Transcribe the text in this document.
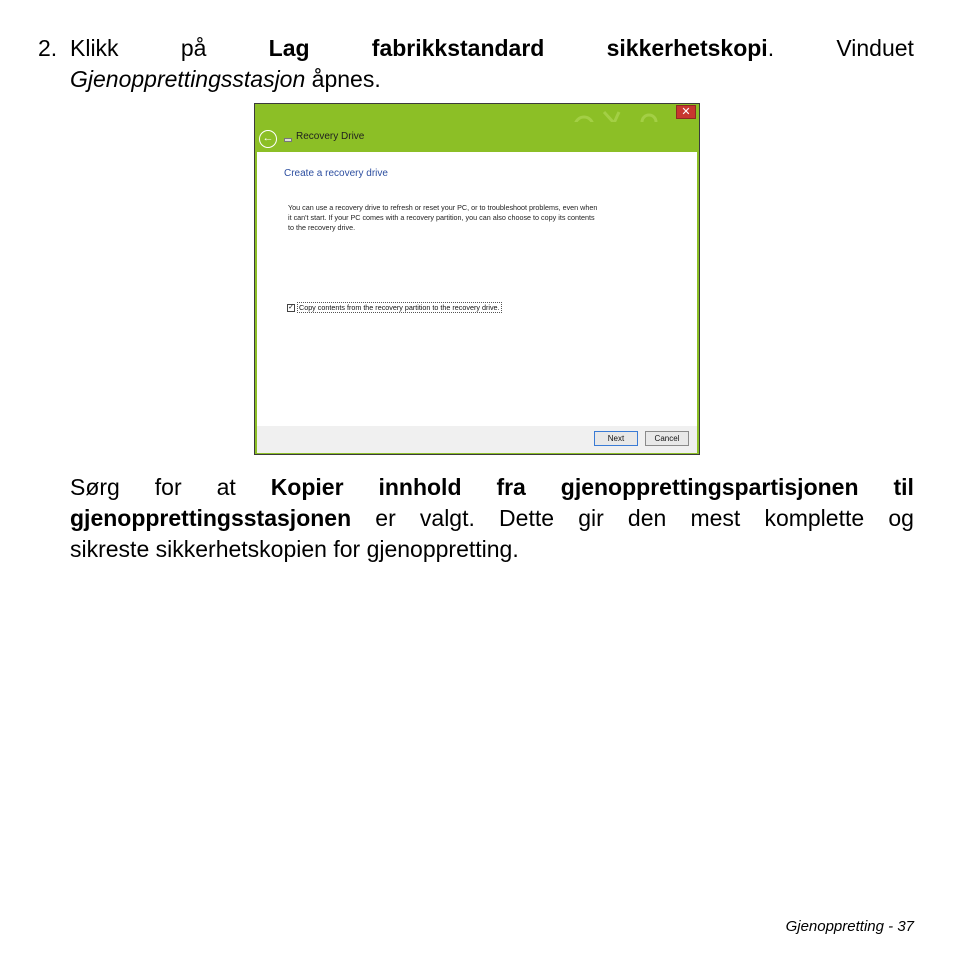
2. Klikk	på	Lag	fabrikkstandard	sikkerhetskopi.	Vinduet
Gjenopprettingsstasjon åpnes.
✕
←	Recovery Drive
Create a recovery drive
You can use a recovery drive to refresh or reset your PC, or to troubleshoot problems, even when
it can't start. If your PC comes with a recovery partition, you can also choose to copy its contents
to the recovery drive.
✓ Copy contents from the recovery partition to the recovery drive.
Next	Cancel
Sørg for at Kopier innhold fra gjenopprettingspartisjonen til
gjenopprettingsstasjonen er valgt. Dette gir den mest komplette og
sikreste sikkerhetskopien for gjenoppretting.
Gjenoppretting - 37
